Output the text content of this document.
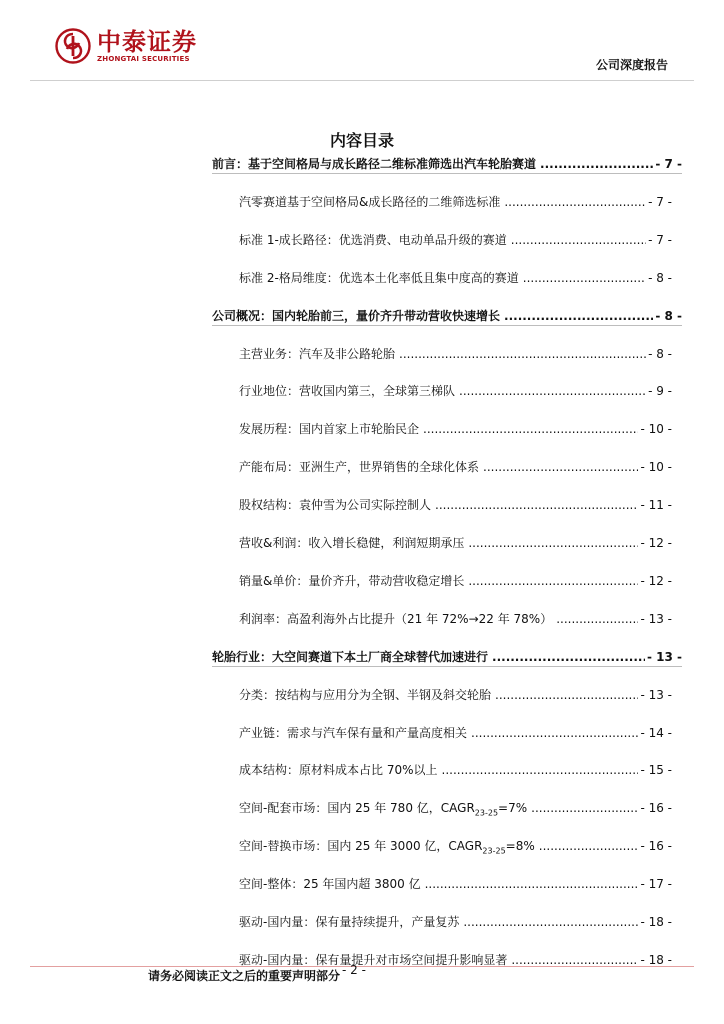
中泰证券
ZHONGTAI SECURITIES	公司深度报告
内容目录
前言：基于空间格局与成长路径二维标准筛选出汽车轮胎赛道 .....	- 7 -
汽零赛道基于空间格局&成长路径的二维筛选标准 .....	- 7 -
标准 1-成长路径：优选消费、电动单品升级的赛道 .....	- 7 -
标准 2-格局维度：优选本土化率低且集中度高的赛道 .....	- 8 -
公司概况：国内轮胎前三，量价齐升带动营收快速增长 .....	- 8 -
主营业务：汽车及非公路轮胎 .....	- 8 -
行业地位：营收国内第三，全球第三梯队 .....	- 9 -
发展历程：国内首家上市轮胎民企 .....	- 10 -
产能布局：亚洲生产，世界销售的全球化体系 .....	- 10 -
股权结构：袁仲雪为公司实际控制人 .....	- 11 -
营收&利润：收入增长稳健，利润短期承压 .....	- 12 -
销量&单价：量价齐升，带动营收稳定增长 .....	- 12 -
利润率：高盈利海外占比提升（21 年 72%→22 年 78%） .....	- 13 -
轮胎行业：大空间赛道下本土厂商全球替代加速进行 .....	- 13 -
分类：按结构与应用分为全钢、半钢及斜交轮胎 .....	- 13 -
产业链：需求与汽车保有量和产量高度相关 .....	- 14 -
成本结构：原材料成本占比 70%以上 .....	- 15 -
空间-配套市场：国内 25 年 780 亿，$CAGR_{23-25}=7\%$ .....	- 16 -
空间-替换市场：国内 25 年 3000 亿，$CAGR_{23-25}=8\%$ .....	- 16 -
空间-整体：25 年国内超 3800 亿 .....	- 17 -
驱动-国内量：保有量持续提升，产量复苏 .....	- 18 -
驱动-国内量：保有量提升对市场空间提升影响显著 .....	- 18 -
请务必阅读正文之后的重要声明部分 - 2 -
